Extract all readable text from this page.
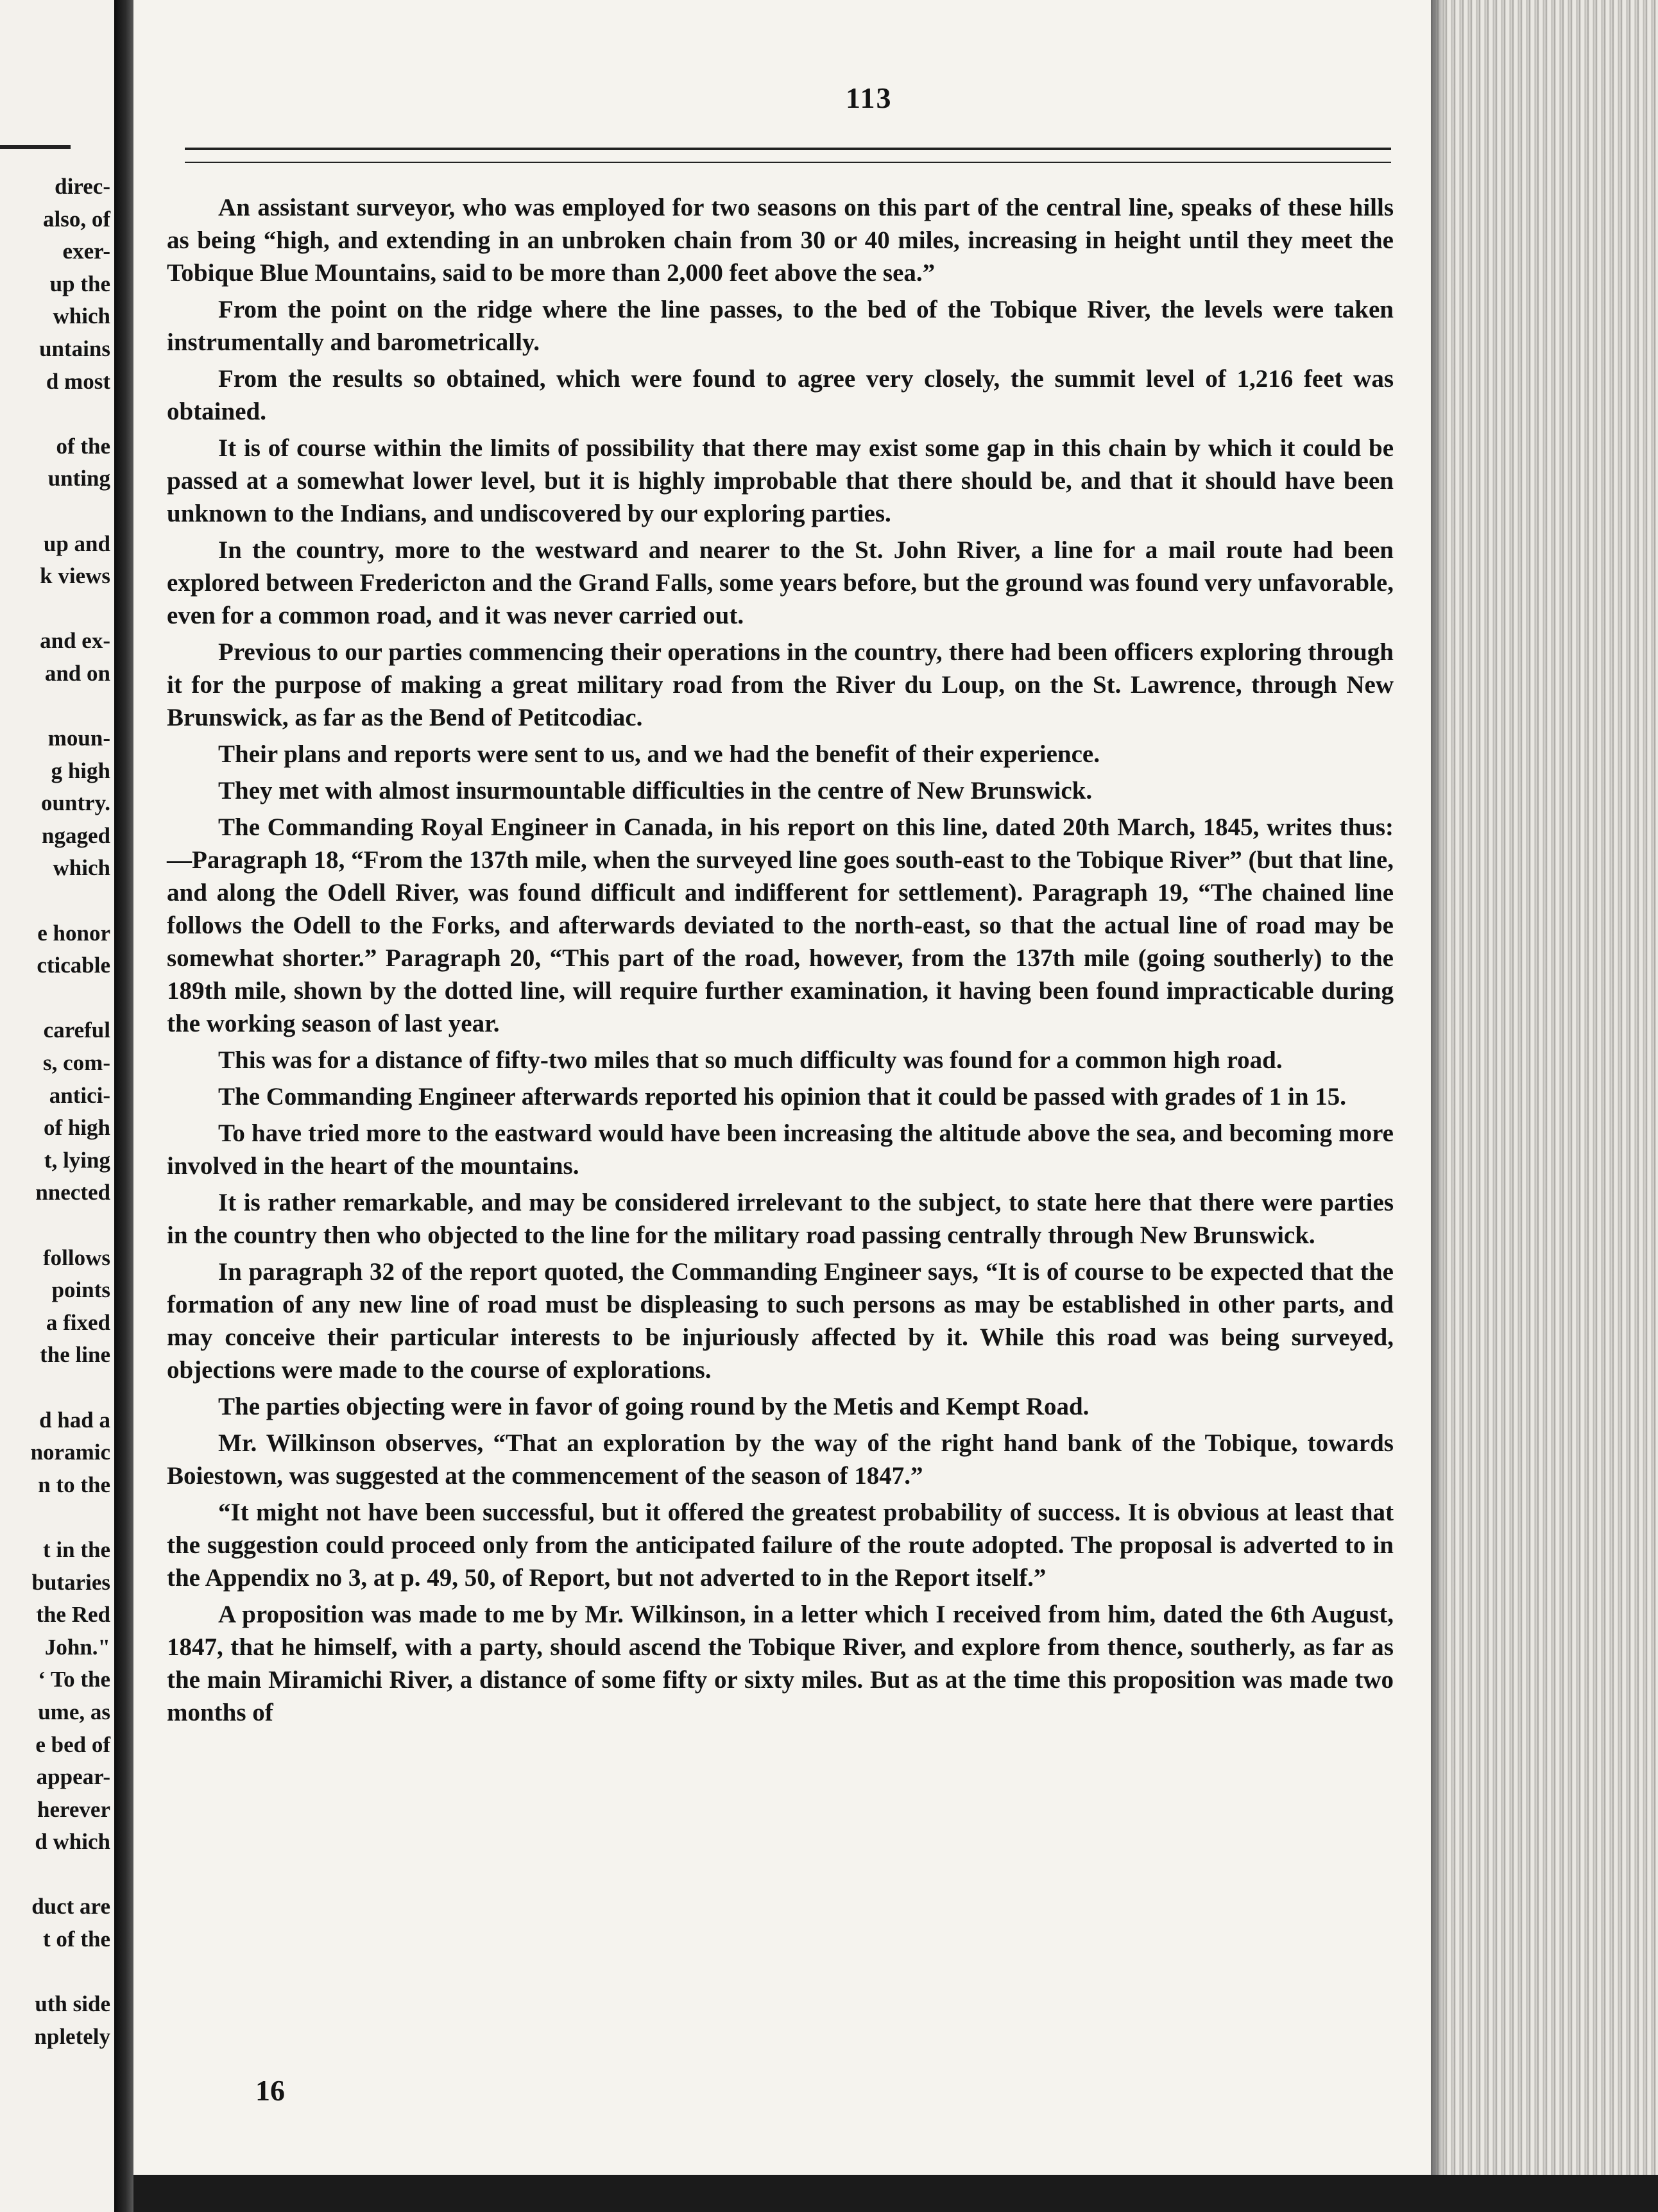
direc-
also, of
exer-
up the
which
untains
d most
of the
unting
up and
k views
and ex-
and on
moun-
g high
ountry.
ngaged
which
e honor
cticable
careful
s, com-
antici-
of high
t, lying
nnected
follows
points
a fixed
the line
d had a
noramic
n to the
t in the
butaries
the Red
John."
‘ To the
ume, as
e bed of
appear-
herever
d which
duct are
t of the
uth side
npletely
113

An assistant surveyor, who was employed for two seasons on this part of the central line, speaks of these hills as being “high, and extending in an unbroken chain from 30 or 40 miles, increasing in height until they meet the Tobique Blue Mountains, said to be more than 2,000 feet above the sea.”

From the point on the ridge where the line passes, to the bed of the Tobique River, the levels were taken instrumentally and barometrically.

From the results so obtained, which were found to agree very closely, the summit level of 1,216 feet was obtained.

It is of course within the limits of possibility that there may exist some gap in this chain by which it could be passed at a somewhat lower level, but it is highly improbable that there should be, and that it should have been unknown to the Indians, and undiscovered by our exploring parties.

In the country, more to the westward and nearer to the St. John River, a line for a mail route had been explored between Fredericton and the Grand Falls, some years before, but the ground was found very unfavorable, even for a common road, and it was never carried out.

Previous to our parties commencing their operations in the country, there had been officers exploring through it for the purpose of making a great military road from the River du Loup, on the St. Lawrence, through New Brunswick, as far as the Bend of Petitcodiac.

Their plans and reports were sent to us, and we had the benefit of their experience.

They met with almost insurmountable difficulties in the centre of New Brunswick.

The Commanding Royal Engineer in Canada, in his report on this line, dated 20th March, 1845, writes thus:—Paragraph 18, “From the 137th mile, when the surveyed line goes south-east to the Tobique River” (but that line, and along the Odell River, was found difficult and indifferent for settlement). Paragraph 19, “The chained line follows the Odell to the Forks, and afterwards deviated to the north-east, so that the actual line of road may be somewhat shorter.” Paragraph 20, “This part of the road, however, from the 137th mile (going southerly) to the 189th mile, shown by the dotted line, will require further examination, it having been found impracticable during the working season of last year.

This was for a distance of fifty-two miles that so much difficulty was found for a common high road.

The Commanding Engineer afterwards reported his opinion that it could be passed with grades of 1 in 15.

To have tried more to the eastward would have been increasing the altitude above the sea, and becoming more involved in the heart of the mountains.

It is rather remarkable, and may be considered irrelevant to the subject, to state here that there were parties in the country then who objected to the line for the military road passing centrally through New Brunswick.

In paragraph 32 of the report quoted, the Commanding Engineer says, “It is of course to be expected that the formation of any new line of road must be displeasing to such persons as may be established in other parts, and may conceive their particular interests to be injuriously affected by it. While this road was being surveyed, objections were made to the course of explorations.

The parties objecting were in favor of going round by the Metis and Kempt Road.

Mr. Wilkinson observes, “That an exploration by the way of the right hand bank of the Tobique, towards Boiestown, was suggested at the commencement of the season of 1847.”

“It might not have been successful, but it offered the greatest probability of success. It is obvious at least that the suggestion could proceed only from the anticipated failure of the route adopted. The proposal is adverted to in the Appendix no 3, at p. 49, 50, of Report, but not adverted to in the Report itself.”

A proposition was made to me by Mr. Wilkinson, in a letter which I received from him, dated the 6th August, 1847, that he himself, with a party, should ascend the Tobique River, and explore from thence, southerly, as far as the main Miramichi River, a distance of some fifty or sixty miles. But as at the time this proposition was made two months of

16
